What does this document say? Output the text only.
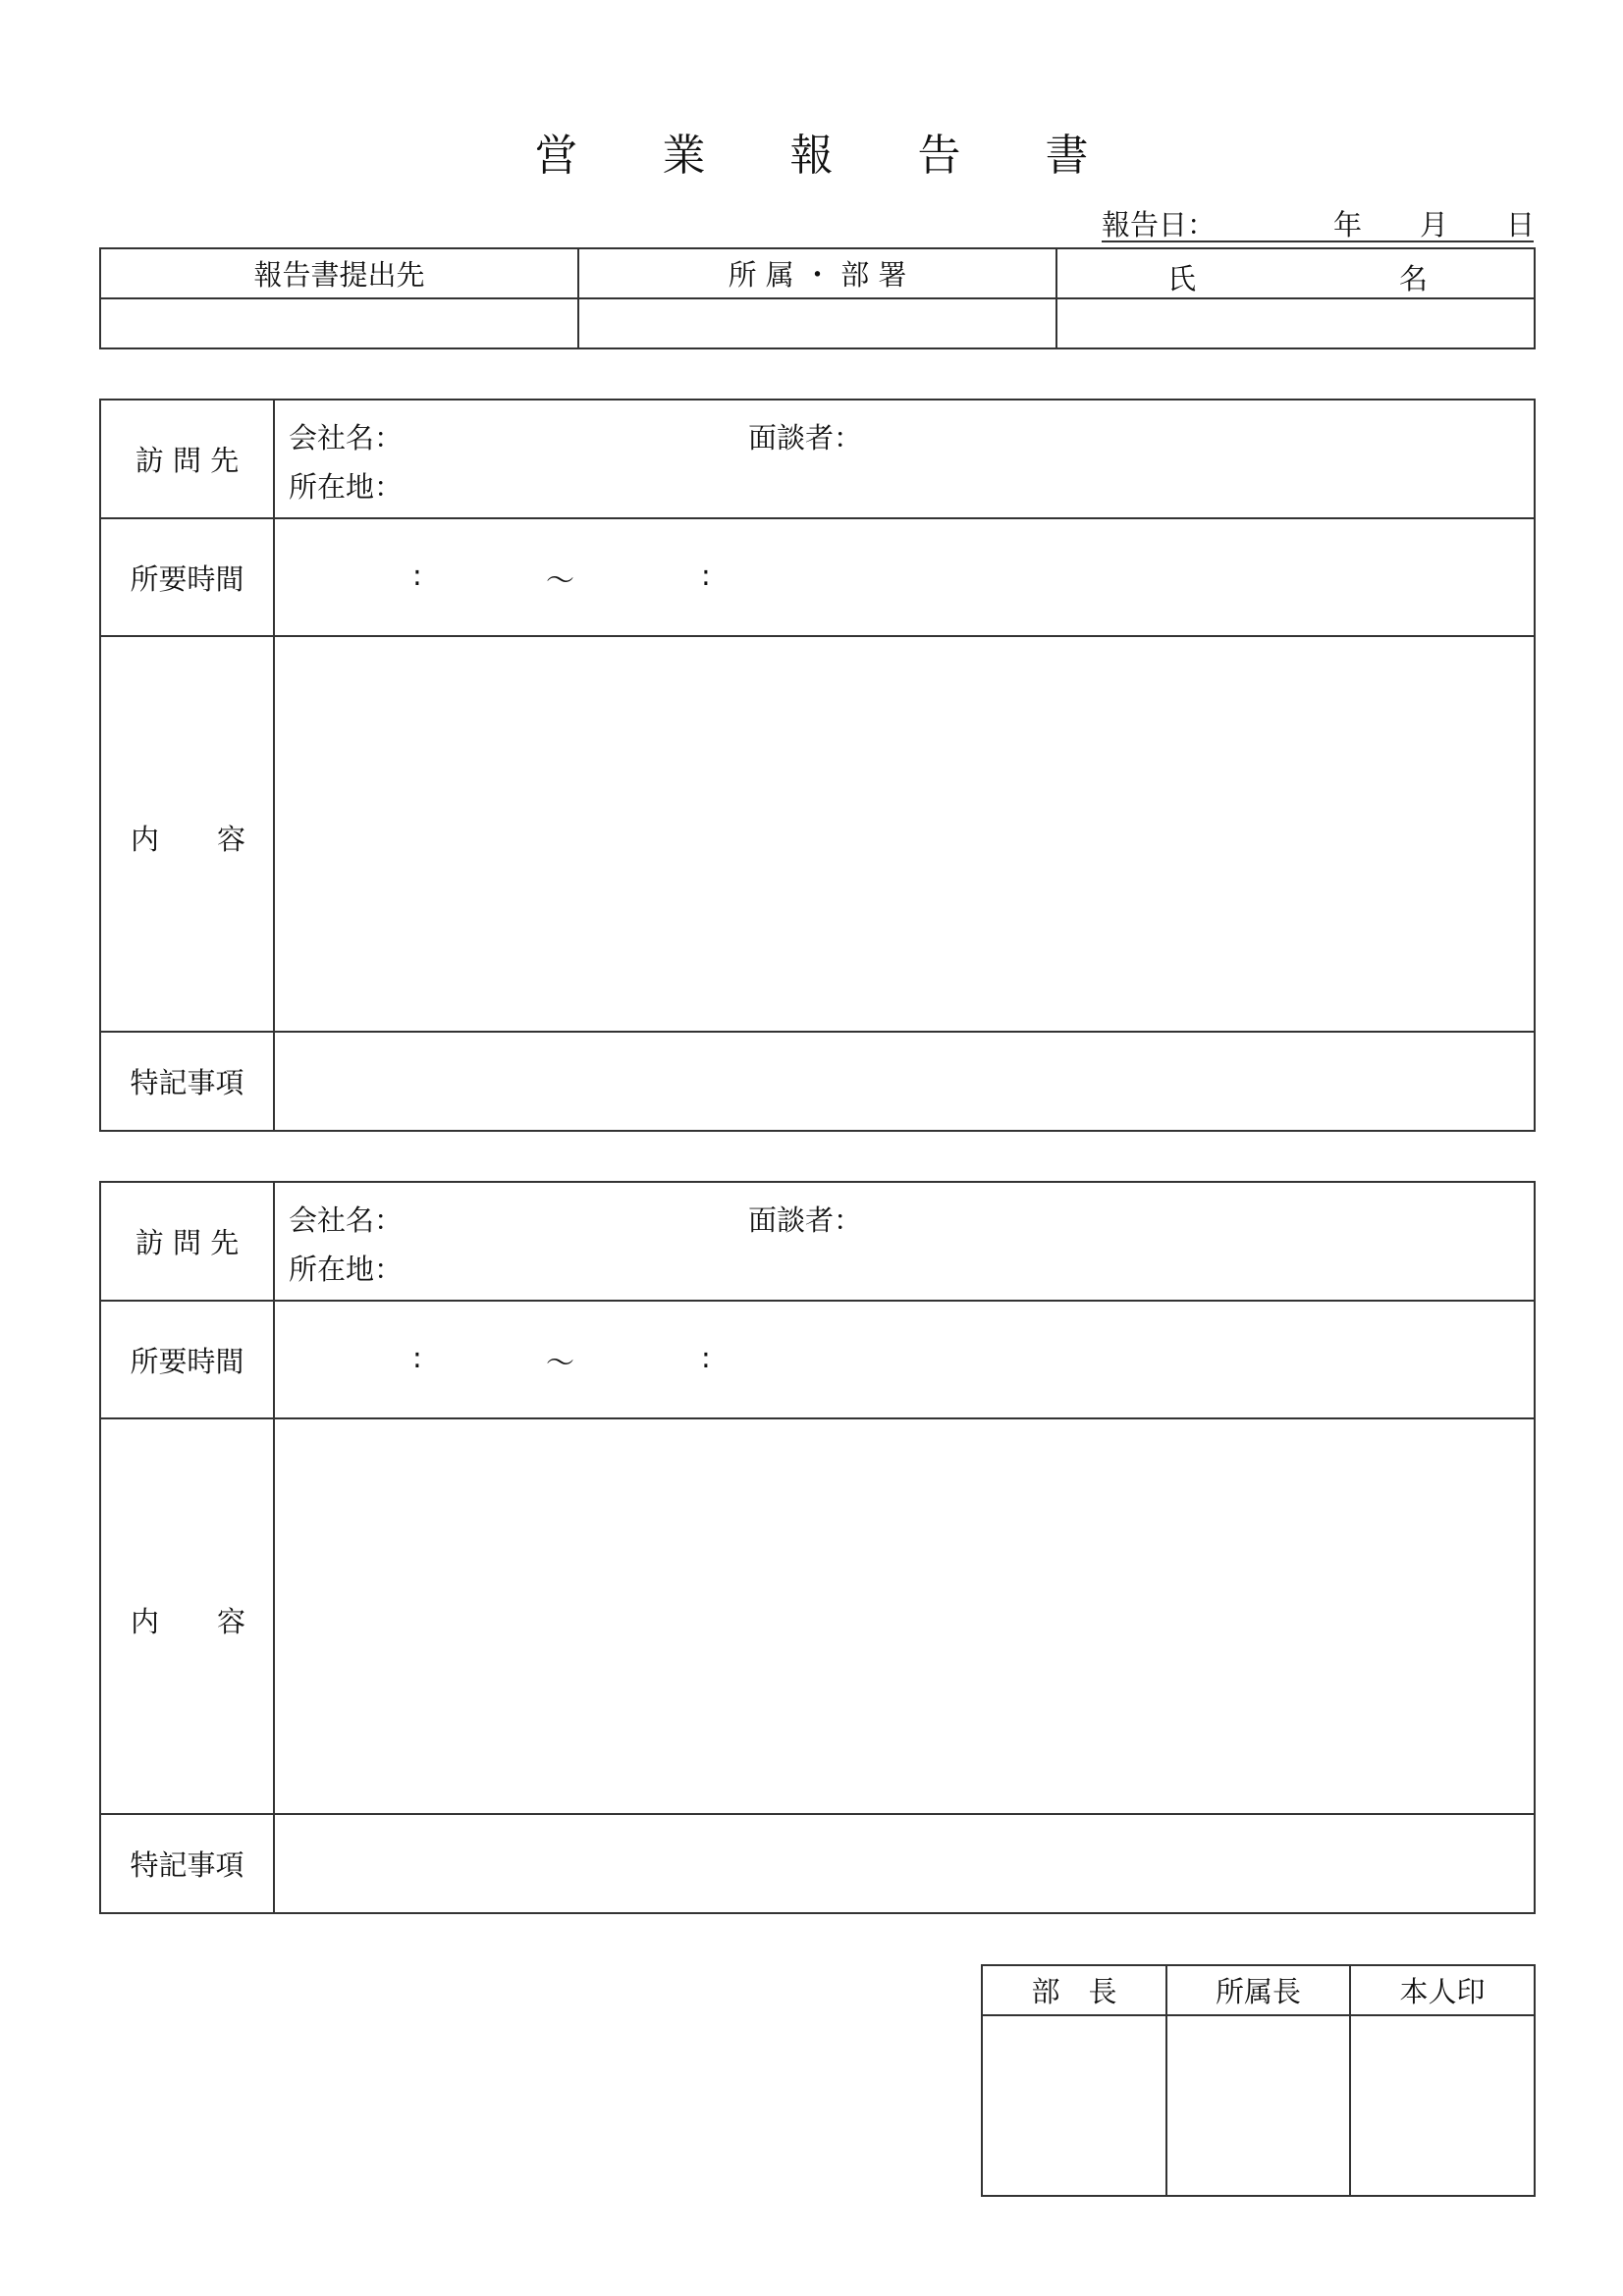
営 業 報 告 書
報告日：	年 月 日
報告書提出先	所 属 ・ 部 署	氏 名

訪 問 先	会社名： 面談者：
所在地：

所要時間	: ～ :

内 容	

特記事項	
訪 問 先	会社名： 面談者：
所在地：

所要時間	: ～ :

内 容	

特記事項	
部　長	所属長	本人印
